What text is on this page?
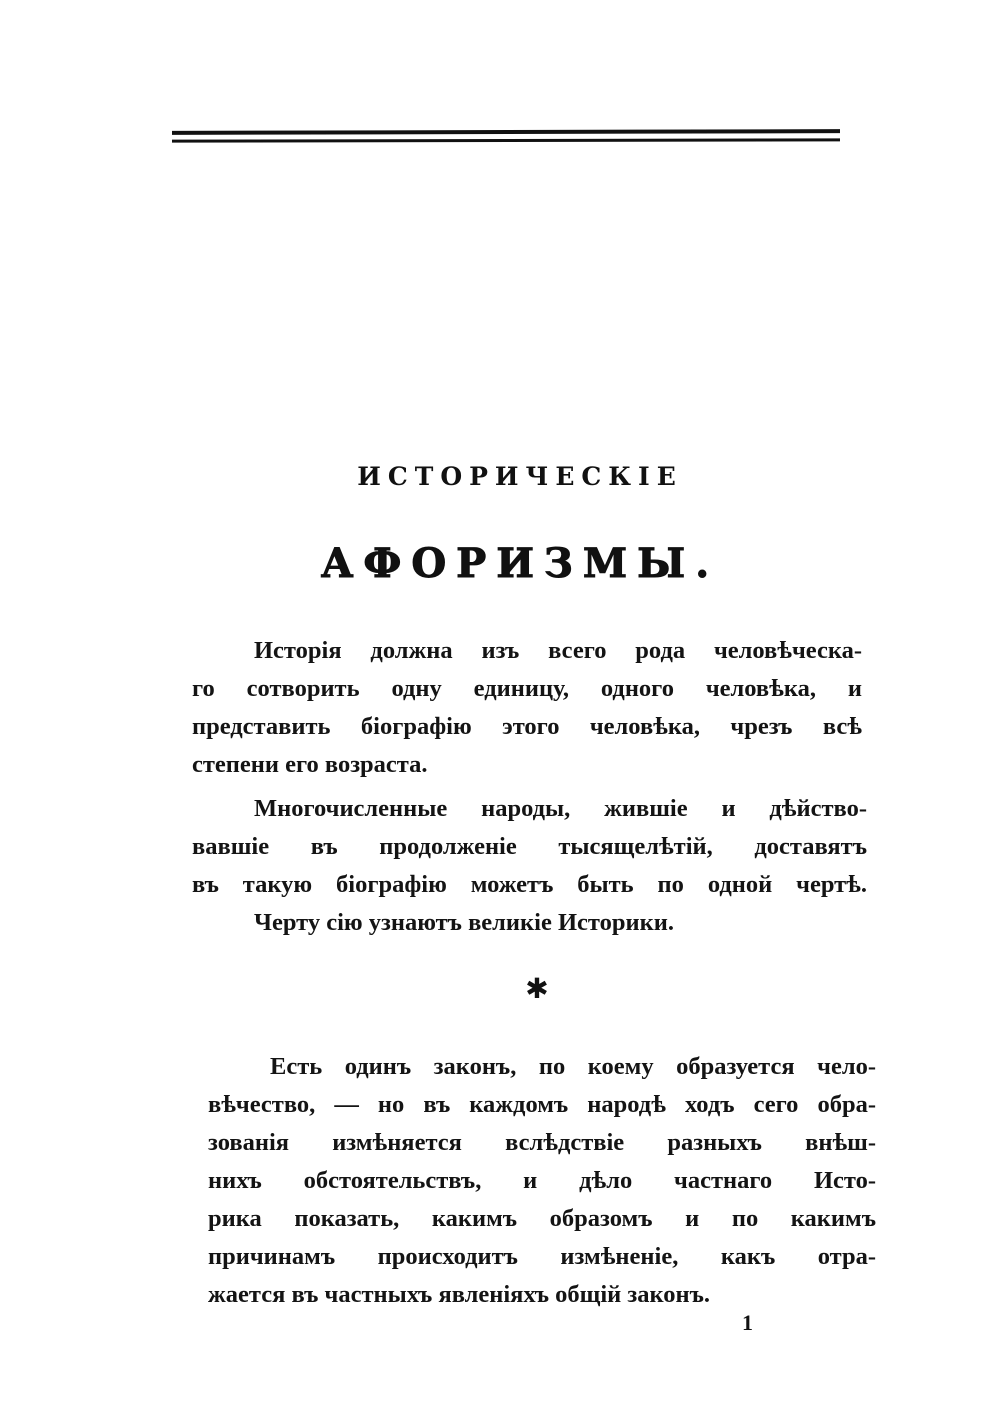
ИСТОРИЧЕСКІЕ
АФОРИЗМЫ.
Исторія должна изъ всего рода человѣческа-
го сотворить одну единицу, одного человѣка, и
представить біографію этого человѣка, чрезъ всѣ
степени его возраста.
Многочисленные народы, жившіе и дѣйство-
вавшіе въ продолженіе тысящелѣтій, доставятъ
въ такую біографію можетъ быть по одной чертѣ.
Черту сію узнаютъ великіе Историки.
✱
Есть одинъ законъ, по коему образуется чело-
вѣчество, — но въ каждомъ народѣ ходъ сего обра-
зованія измѣняется вслѣдствіе разныхъ внѣш-
нихъ обстоятельствъ, и дѣло частнаго Исто-
рика показать, какимъ образомъ и по какимъ
причинамъ происходитъ измѣненіе, какъ отра-
жается въ частныхъ явленіяхъ общій законъ.
1
